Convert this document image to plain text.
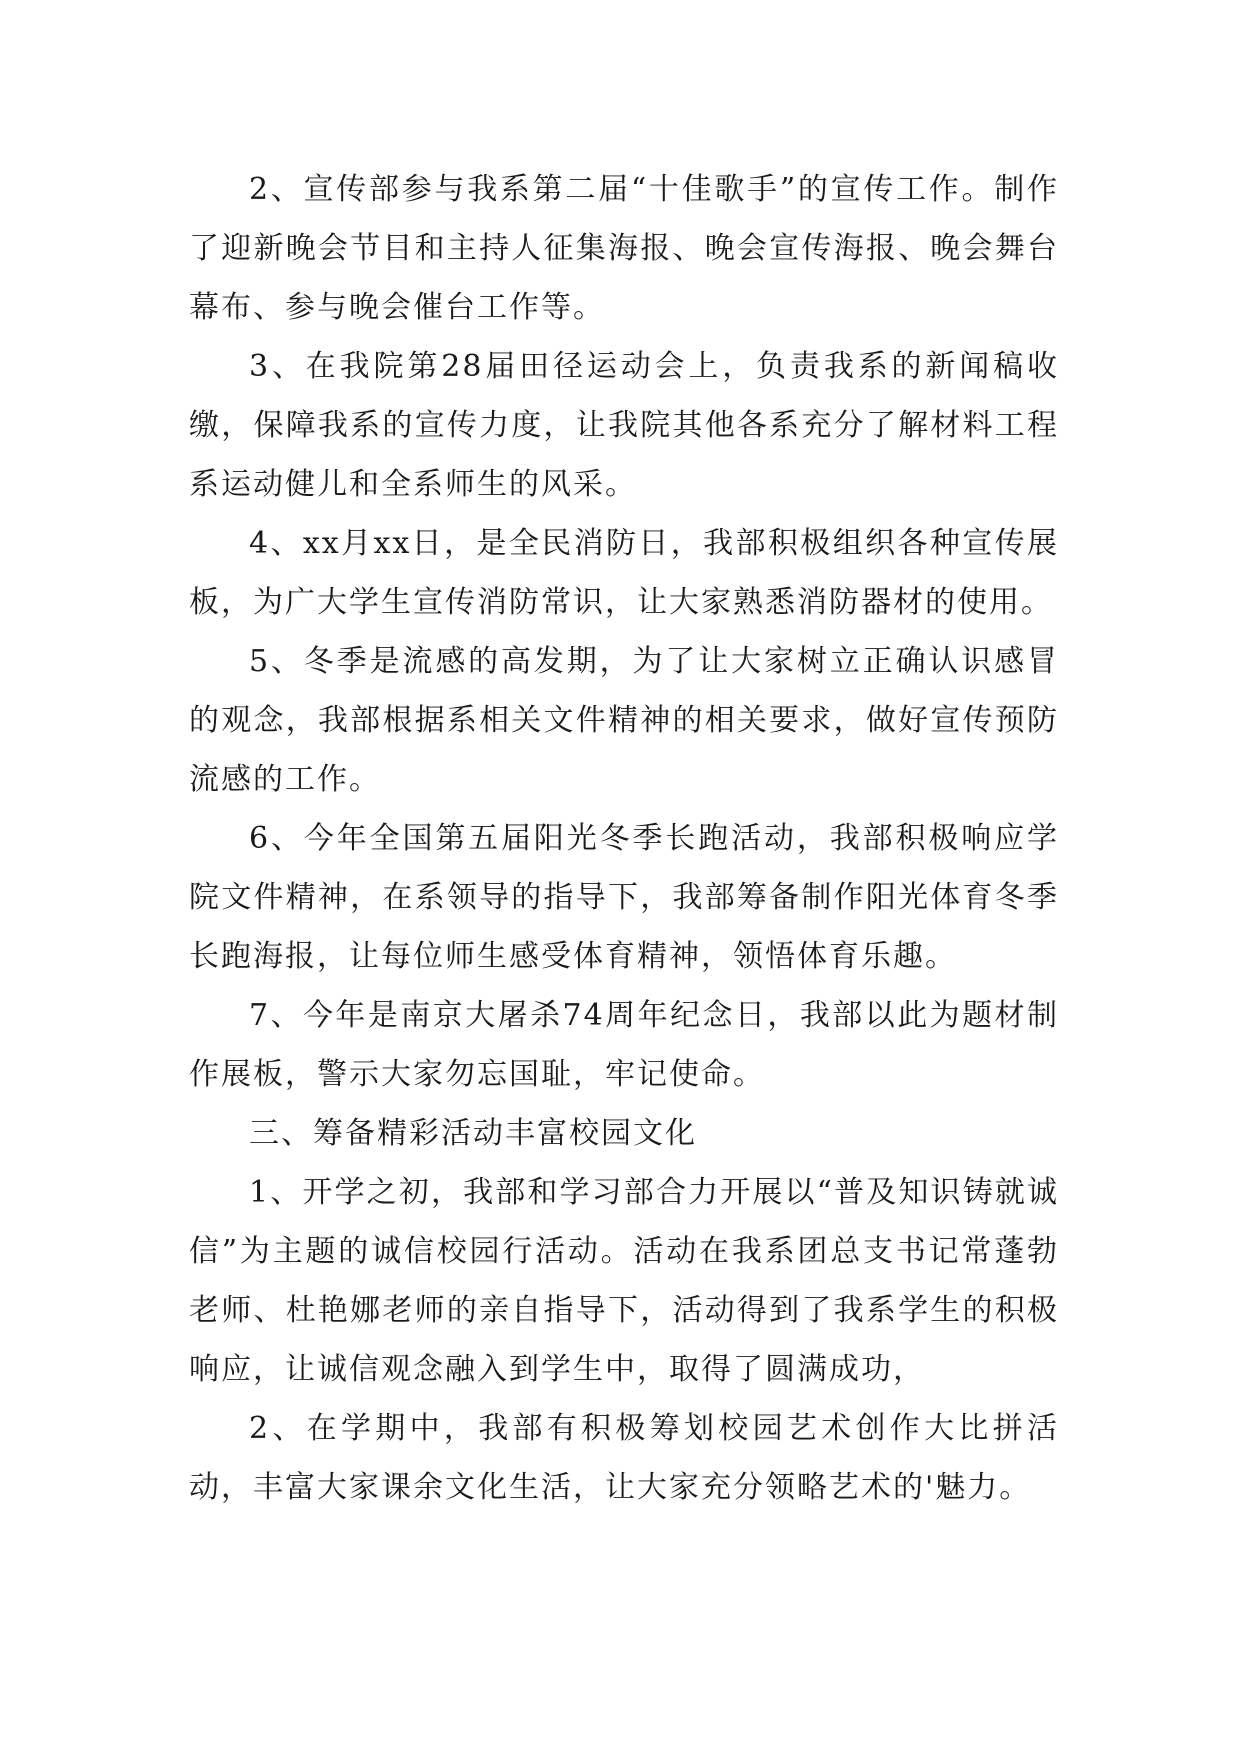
2、宣传部参与我系第二届“十佳歌手”的宣传工作。制作了迎新晚会节目和主持人征集海报、晚会宣传海报、晚会舞台幕布、参与晚会催台工作等。

3、在我院第28届田径运动会上，负责我系的新闻稿收缴，保障我系的宣传力度，让我院其他各系充分了解材料工程系运动健儿和全系师生的风采。

4、xx月xx日，是全民消防日，我部积极组织各种宣传展板，为广大学生宣传消防常识，让大家熟悉消防器材的使用。

5、冬季是流感的高发期，为了让大家树立正确认识感冒的观念，我部根据系相关文件精神的相关要求，做好宣传预防流感的工作。

6、今年全国第五届阳光冬季长跑活动，我部积极响应学院文件精神，在系领导的指导下，我部筹备制作阳光体育冬季长跑海报，让每位师生感受体育精神，领悟体育乐趣。

7、今年是南京大屠杀74周年纪念日，我部以此为题材制作展板，警示大家勿忘国耻，牢记使命。

三、筹备精彩活动丰富校园文化

1、开学之初，我部和学习部合力开展以“普及知识铸就诚信”为主题的诚信校园行活动。活动在我系团总支书记常蓬勃老师、杜艳娜老师的亲自指导下，活动得到了我系学生的积极响应，让诚信观念融入到学生中，取得了圆满成功，

2、在学期中，我部有积极筹划校园艺术创作大比拼活动，丰富大家课余文化生活，让大家充分领略艺术的'魅力。
